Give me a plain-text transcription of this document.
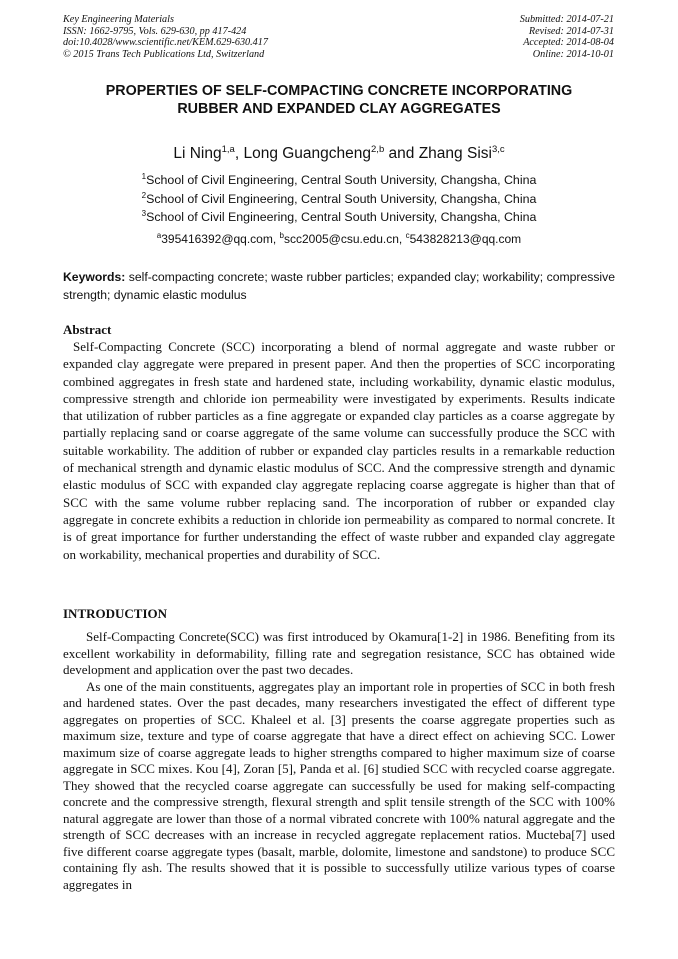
Key Engineering Materials
ISSN: 1662-9795, Vols. 629-630, pp 417-424
doi:10.4028/www.scientific.net/KEM.629-630.417
© 2015 Trans Tech Publications Ltd, Switzerland
Submitted: 2014-07-21
Revised: 2014-07-31
Accepted: 2014-08-04
Online: 2014-10-01
PROPERTIES OF SELF-COMPACTING CONCRETE INCORPORATING
RUBBER AND EXPANDED CLAY AGGREGATES
Li Ning$^{1,a}$, Long Guangcheng$^{2,b}$ and Zhang Sisi$^{3,c}$
$^1$School of Civil Engineering, Central South University, Changsha, China
$^2$School of Civil Engineering, Central South University, Changsha, China
$^3$School of Civil Engineering, Central South University, Changsha, China
$^a$395416392@qq.com, $^b$scc2005@csu.edu.cn, $^c$543828213@qq.com
Keywords: self-compacting concrete; waste rubber particles; expanded clay; workability; compressive strength; dynamic elastic modulus
Abstract

Self-Compacting Concrete (SCC) incorporating a blend of normal aggregate and waste rubber or expanded clay aggregate were prepared in present paper. And then the properties of SCC incorporating combined aggregates in fresh state and hardened state, including workability, dynamic elastic modulus, compressive strength and chloride ion permeability were investigated by experiments. Results indicate that utilization of rubber particles as a fine aggregate or expanded clay particles as a coarse aggregate by partially replacing sand or coarse aggregate of the same volume can successfully produce the SCC with suitable workability. The addition of rubber or expanded clay particles results in a remarkable reduction of mechanical strength and dynamic elastic modulus of SCC. And the compressive strength and dynamic elastic modulus of SCC with expanded clay aggregate replacing coarse aggregate is higher than that of SCC with the same volume rubber replacing sand. The incorporation of rubber or expanded clay aggregate in concrete exhibits a reduction in chloride ion permeability as compared to normal concrete. It is of great importance for further understanding the effect of waste rubber and expanded clay aggregate on workability, mechanical properties and durability of SCC.

INTRODUCTION

Self-Compacting Concrete(SCC) was first introduced by Okamura[1-2] in 1986. Benefiting from its excellent workability in deformability, filling rate and segregation resistance, SCC has obtained wide development and application over the past two decades.

As one of the main constituents, aggregates play an important role in properties of SCC in both fresh and hardened states. Over the past decades, many researchers investigated the effect of different type aggregates on properties of SCC. Khaleel et al. [3] presents the coarse aggregate properties such as maximum size, texture and type of coarse aggregate that have a direct effect on achieving SCC. Lower maximum size of coarse aggregate leads to higher strengths compared to higher maximum size of coarse aggregate in SCC mixes. Kou [4], Zoran [5], Panda et al. [6] studied SCC with recycled coarse aggregate. They showed that the recycled coarse aggregate can successfully be used for making self-compacting concrete and the compressive strength, flexural strength and split tensile strength of the SCC with 100% natural aggregate are lower than those of a normal vibrated concrete with 100% natural aggregate and the strength of SCC decreases with an increase in recycled aggregate replacement ratios. Mucteba[7] used five different coarse aggregate types (basalt, marble, dolomite, limestone and sandstone) to produce SCC containing fly ash. The results showed that it is possible to successfully utilize various types of coarse aggregates in
